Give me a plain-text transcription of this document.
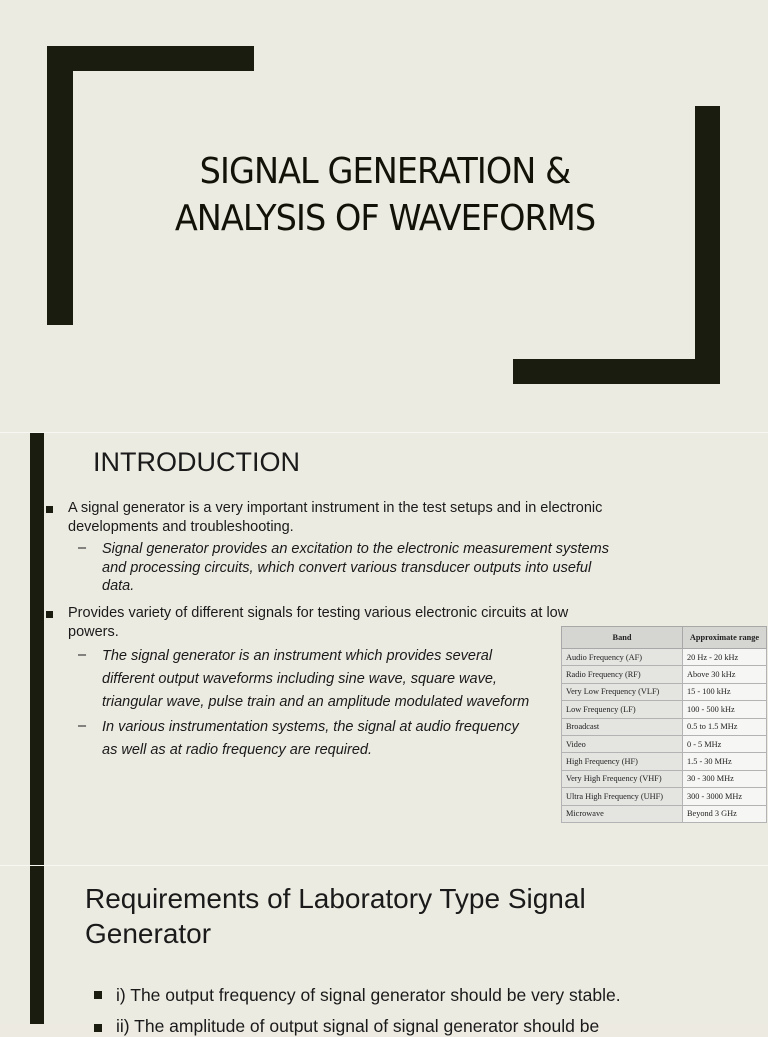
SIGNAL GENERATION &
ANALYSIS OF WAVEFORMS
INTRODUCTION
A signal generator is a very important instrument in the test setups and in electronic
developments and troubleshooting.
– Signal generator provides an excitation to the electronic measurement systems
and processing circuits, which convert various transducer outputs into useful
data.
Provides variety of different signals for testing various electronic circuits at low
powers.
– The signal generator is an instrument which provides several
different output waveforms including sine wave, square wave,
triangular wave, pulse train and an amplitude modulated waveform
– In various instrumentation systems, the signal at audio frequency
as well as at radio frequency are required.
Band	Approximate range
Audio Frequency (AF)	20 Hz - 20 kHz
Radio Frequency (RF)	Above 30 kHz
Very Low Frequency (VLF)	15 - 100 kHz
Low Frequency (LF)	100 - 500 kHz
Broadcast	0.5 to 1.5 MHz
Video	0 - 5 MHz
High Frequency (HF)	1.5 - 30 MHz
Very High Frequency (VHF)	30 - 300 MHz
Ultra High Frequency (UHF)	300 - 3000 MHz
Microwave	Beyond 3 GHz
Requirements of Laboratory Type Signal
Generator
i) The output frequency of signal generator should be very stable.
ii) The amplitude of output signal of signal generator should be
